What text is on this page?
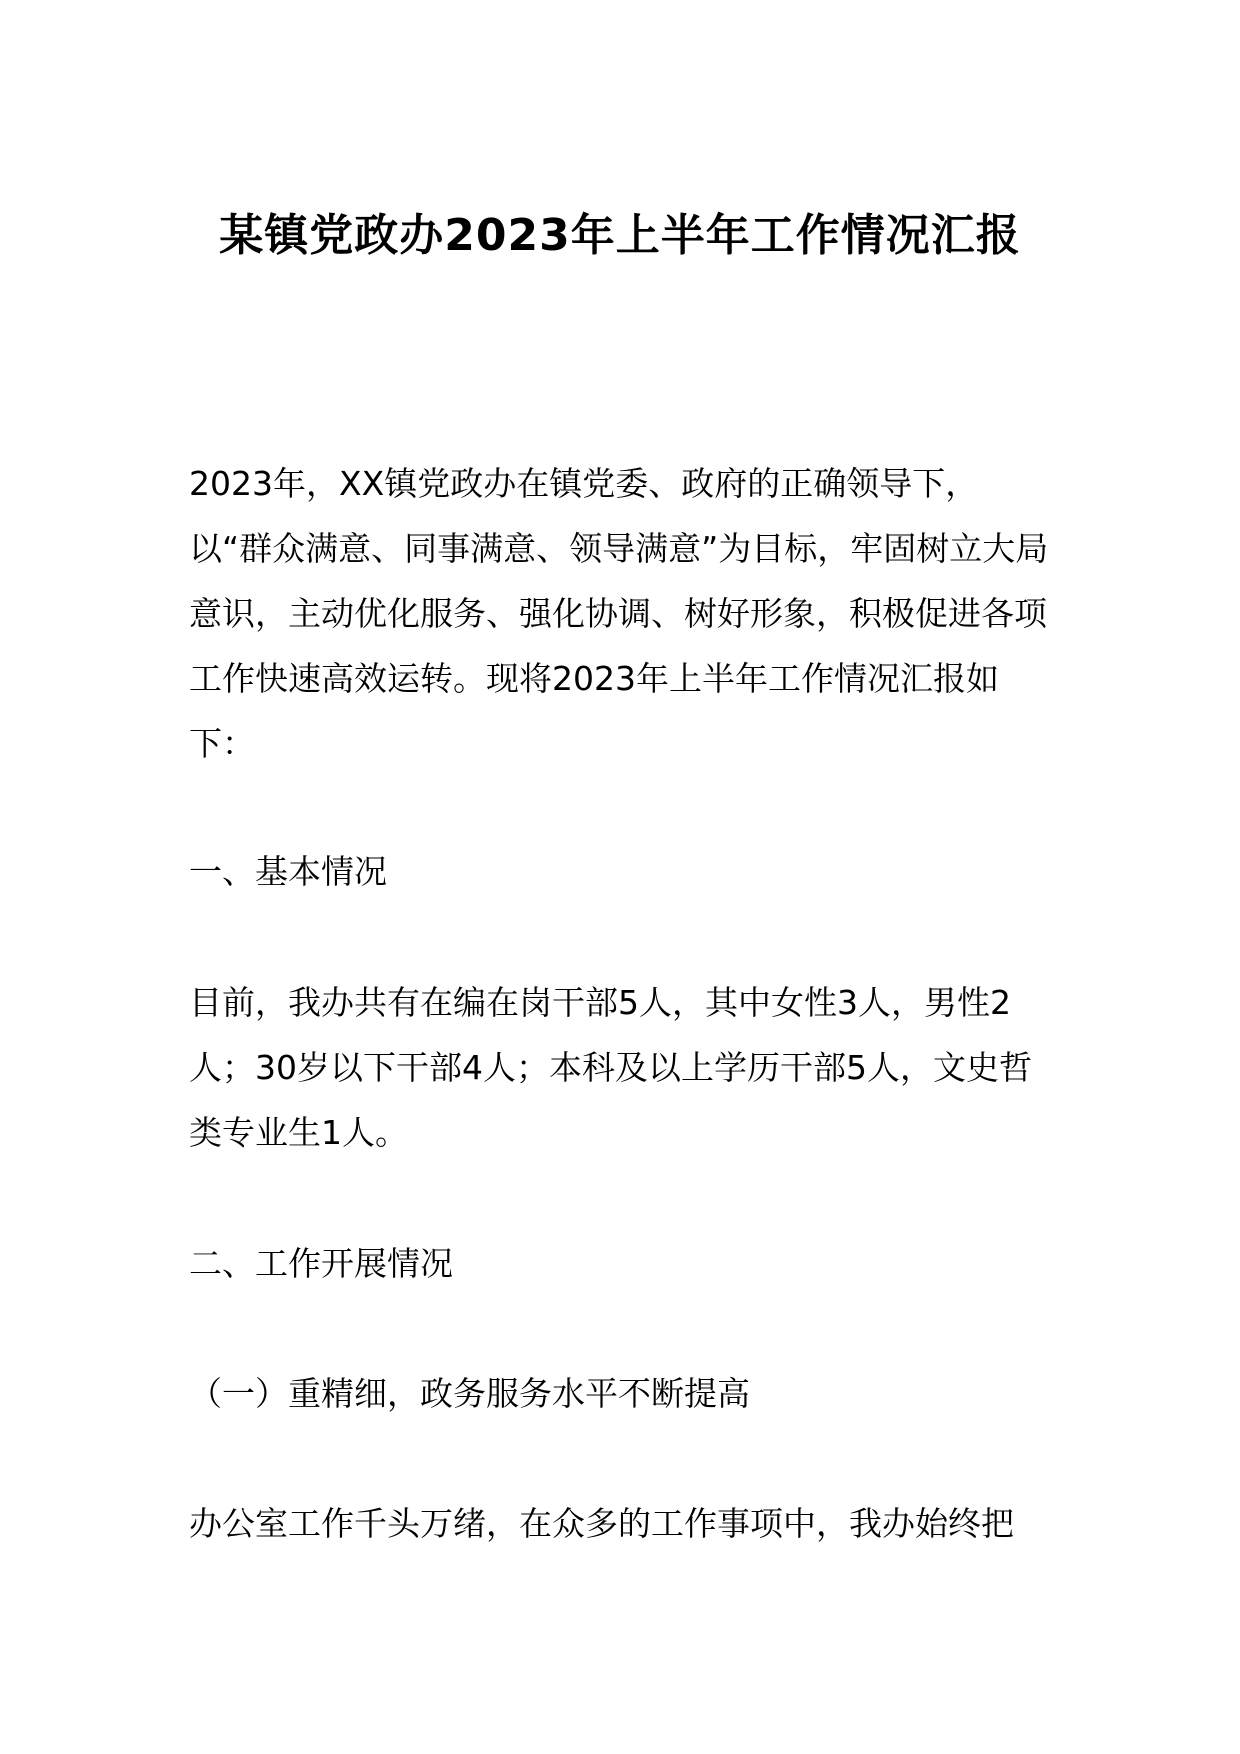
某镇党政办2023年上半年工作情况汇报

2023年，XX镇党政办在镇党委、政府的正确领导下，以“群众满意、同事满意、领导满意”为目标，牢固树立大局意识，主动优化服务、强化协调、树好形象，积极促进各项工作快速高效运转。现将2023年上半年工作情况汇报如下：

一、基本情况

目前，我办共有在编在岗干部5人，其中女性3人，男性2人；30岁以下干部4人；本科及以上学历干部5人，文史哲类专业生1人。

二、工作开展情况

（一）重精细，政务服务水平不断提高

办公室工作千头万绪，在众多的工作事项中，我办始终把
